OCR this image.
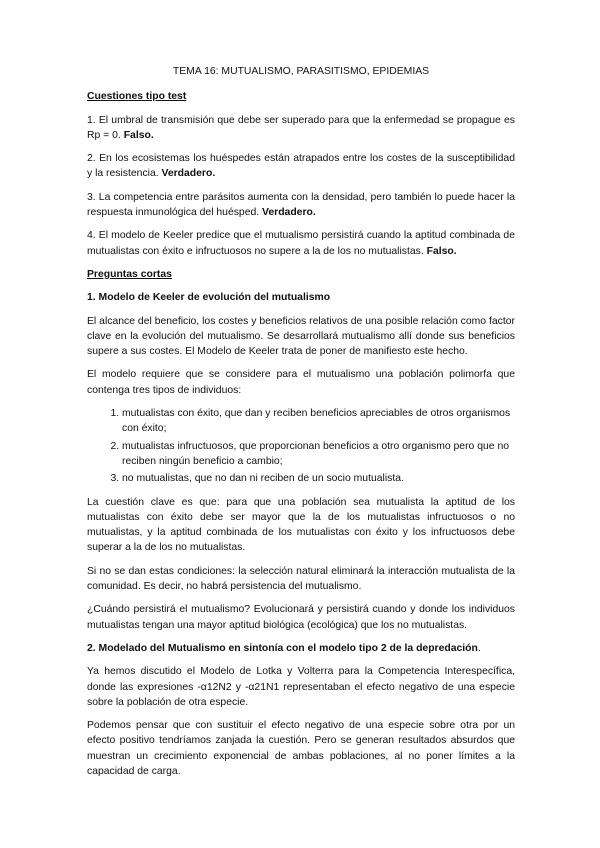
TEMA 16: MUTUALISMO, PARASITISMO, EPIDEMIAS

Cuestiones tipo test

1. El umbral de transmisión que debe ser superado para que la enfermedad se propague es Rp = 0. Falso.

2. En los ecosistemas los huéspedes están atrapados entre los costes de la susceptibilidad y la resistencia. Verdadero.

3. La competencia entre parásitos aumenta con la densidad, pero también lo puede hacer la respuesta inmunológica del huésped. Verdadero.

4. El modelo de Keeler predice que el mutualismo persistirá cuando la aptitud combinada de mutualistas con éxito e infructuosos no supere a la de los no mutualistas. Falso.

Preguntas cortas

1. Modelo de Keeler de evolución del mutualismo

El alcance del beneficio, los costes y beneficios relativos de una posible relación como factor clave en la evolución del mutualismo. Se desarrollará mutualismo allí donde sus beneficios supere a sus costes. El Modelo de Keeler trata de poner de manifiesto este hecho.

El modelo requiere que se considere para el mutualismo una población polimorfa que contenga tres tipos de individuos:

1. mutualistas con éxito, que dan y reciben beneficios apreciables de otros organismos con éxito;
2. mutualistas infructuosos, que proporcionan beneficios a otro organismo pero que no reciben ningún beneficio a cambio;
3. no mutualistas, que no dan ni reciben de un socio mutualista.

La cuestión clave es que: para que una población sea mutualista la aptitud de los mutualistas con éxito debe ser mayor que la de los mutualistas infructuosos o no mutualistas, y la aptitud combinada de los mutualistas con éxito y los infructuosos debe superar a la de los no mutualistas.

Si no se dan estas condiciones: la selección natural eliminará la interacción mutualista de la comunidad. Es decir, no habrá persistencia del mutualismo.

¿Cuándo persistirá el mutualismo? Evolucionará y persistirá cuando y donde los individuos mutualistas tengan una mayor aptitud biológica (ecológica) que los no mutualistas.

2. Modelado del Mutualismo en sintonía con el modelo tipo 2 de la depredación.

Ya hemos discutido el Modelo de Lotka y Volterra para la Competencia Interespecífica, donde las expresiones -α12N2 y -α21N1 representaban el efecto negativo de una especie sobre la población de otra especie.

Podemos pensar que con sustituir el efecto negativo de una especie sobre otra por un efecto positivo tendríamos zanjada la cuestión. Pero se generan resultados absurdos que muestran un crecimiento exponencial de ambas poblaciones, al no poner límites a la capacidad de carga.
